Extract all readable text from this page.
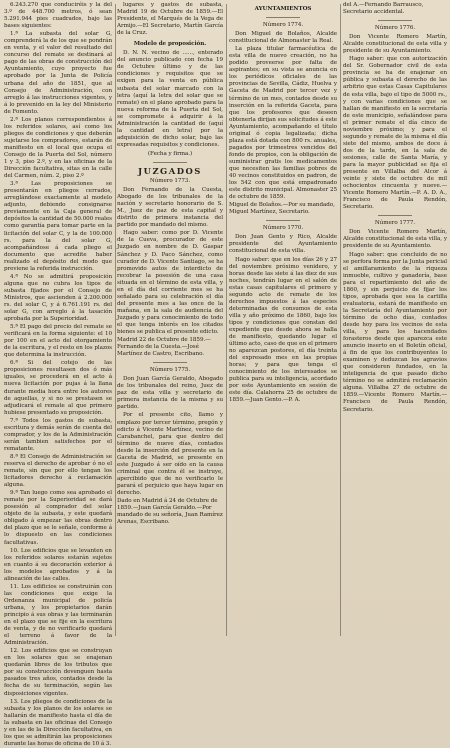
6.243.270 que conduciréis y la del 3.º de 448.700 metros, ó sean 5.291.944 pies cuadrados, bajo las bases siguientes:

1.ª La subasta del solar G, comprenderá la de los que se pondrán en venta, y el valor del resultado del concurso del remate se destinará al pago de las obras de construcción del Ayuntamiento, cuyo proyecto fue aprobado por la Junta de Policía urbana del año de 1851, que al Consejo de Administración, con arreglo á las instrucciones vigentes, y á lo prevenido en la ley del Ministerio de Fomento.

2.ª Los planos correspondientes á los referidos solares, así como los pliegos de condiciones y que deberán sujetarse los compradores, estarán de manifiesto en el local que ocupa el Consejo de la Puerta del Sol, número 1 y 3, piso 2.º, y en las oficinas de la Dirección facultativa, sitas en la calle del Carmen, núm. 2, piso 2.º

3.ª Las proposiciones se presentarán en pliegos cerrados, arreglándose exactamente al modelo adjunto, debiendo consignarse previamente en la Caja general de depósitos la cantidad de 50.000 reales como garantía para tomar parte en la licitación del solar C, y la de 100.000 rs. para la del solar G, acompañándose á cada pliego el documento que acredite haber realizado el depósito del modo que previene la referida instrucción.

4.ª No se admitirá proposición alguna que no cubra los tipos de subasta fijados por el Consejo de Ministros, que ascienden á 2.200.000 rs. del solar C, y á 6.761.191 rs. del solar G, con arreglo á la tasación aprobada por la Superioridad.

5.ª El pago del precio del remate se verificará en la forma siguiente: el 10 por 100 en el acto del otorgamiento de la escritura, y el resto en los plazos que determina la instrucción.

6.ª Si del cotejo de las proposiciones resultasen dos ó más iguales, se procederá en el acto á nueva licitación por pujas á la llana durante media hora entre los autores de aquellas, y si no se prestasen se adjudicará el remate al que primero hubiese presentado su proposición.

7.ª Todos los gastos de subasta, escritura y demás serán de cuenta del comprador, y los de la Administración serán tambien satisfechos por el rematante.

8.ª El Consejo de Administración se reserva el derecho de aprobar ó no el remate, sin que por ello tengan los licitadores derecho á reclamación alguna.

9.ª Tan luego como sea aprobado el remate por la Superioridad se dará posesión al comprador del solar objeto de la subasta, y este quedará obligado á empezar las obras dentro del plazo que se le señale, conforme á lo dispuesto en las condiciones facultativas.

10. Los edificios que se levanten en los referidos solares estarán sujetos en cuanto á su decoración exterior á los modelos aprobados y á la alineación de las calles.

11. Los edificios se construirán con las condiciones que exige la Ordenanza municipal de policía urbana, y los propietarios darán principio á sus obras y las terminarán en el plazo que se fije en la escritura de venta, y de no verificarlo quedará el terreno á favor de la Administración.

12. Los edificios que se construyan en los solares que se enajenan quedarán libres de los tributos que por su construcción devenguen hasta pasados tres años, contados desde la fecha de su terminación, según las disposiciones vigentes.

13. Los pliegos de condiciones de la subasta y los planos de los solares se hallarán de manifiesto hasta el día de la subasta en las oficinas del Consejo y en las de la Dirección facultativa, en los que se admitirán las proposiciones durante las horas de oficina de 10 á 3.

lugares y gastos de subasta, Madrid 19 de Octubre de 1859.—El Presidente, el Marqués de la Vega de Armijo.—El Secretario, Martín García de la Cruz.

Modelo de proposición.

D. N. N. vecino de ......, enterado del anuncio publicado con fecha 19 de Octubre último y de las condiciones y requisitos que se exigen para la venta en pública subasta del solar marcado con la letra (aquí la letra del solar que se remate) en el plano aprobado para la nueva reforma de la Puerta del Sol, se compromete á adquirir á la Administración la cantidad de (aquí la cantidad en letra) por la adquisición de dicho solar, bajo las expresadas requisitos y condiciones.

(Fecha y firma.)

JUZGADOS

Número 1773.

Don Fernando de la Cuesta, Abogado de los tribunales de la nación y secretario honorario de S. M., Juez de paz de esta capital y distrito de primera instancia del partido por mandado del mismo.

Hago saber: como por D. Vicente de la Cueva, procurador de este Juzgado en nombre de D. Gaspar Sánchez y D. Paco Sánchez, como curador de D. Vicente Santiago, se ha promovido autos de interdicto de recobrar la posesión de una casa situada en el término de esta villa, y en el día del corriente mes se ha señalado para su celebración el día del presente mes a las once de la mañana, en la sala de audiencia del Juzgado y para conocimiento de todo el que tenga interés en los citados bienes se publica el presente edicto.

Madrid 22 de Octubre de 1859.—Fernando de la Cuesta.—José Martínez de Castro, Escribano.

Número 1775.

Don Juan García Geraldo, Abogado de los tribunales del reino, Juez de paz de esta villa y secretario de primera instancia de la misma y su partido.

Por el presente cito, llamo y emplazo por tercer término, pregón y edicto á Vicente Martínez, vecino de Carabanchel, para que dentro del término de nueve días, contados desde la inserción del presente en la Gaceta de Madrid, se presente en este Juzgado á ser oído en la causa criminal que contra él se instruye, apercibido que de no verificarlo le parará el perjuicio que haya lugar en derecho.

Dado en Madrid á 24 de Octubre de 1859.—Juan García Geraldo.—Por mandado de su señoría, Juan Ramírez Arenas, Escribano.

AYUNTAMIENTOS

Número 1774.

Don Miguel de Bolaños, Alcalde constitucional de Almonaster la Real.

La plaza titular farmacéutica de esta villa de nuevo creación, no ha podido proveerse por falta de aspirantes; en su vista se anuncia en los periódicos oficiales de las provincias de Sevilla, Cádiz, Huelva y Gaceta de Madrid por tercer vez y término de un mes, contados desde su inserción en la referida Gaceta, para que los profesores que deseen obtenerla dirijan sus solicitudes á este Ayuntamiento, acompañando el título original ó copia legalizada; dicha plaza está dotada con 800 rs. anuales, pagados por trimestres vencidos del fondo de propios, con la obligación de suministrar gratis los medicamentos que necesiten las familias pobres de 40 vecinos constituidos en padron, de los 542 con que está empadronado este distrito municipal. Almonaster 25 de octubre de 1859.

Miguel de Bolaños.—Por su mandado, Miguel Martínez, Secretario.

Número 1770.

Don Juan Gento y Rico, Alcalde presidente del Ayuntamiento constitucional de esta villa.

Hago saber: que en los días 26 y 27 del noviembre próximo venidero, y horas desde las siete á las diez de sus noches, tendrán lugar en el salón de estas casas capitulares el primero y segundo acto de remate de los derechos impuestos á las especies determinadas de consumos de esta villa y año próximo de 1860, bajo los tipos y condiciones que constan del expediente que desde ahora se halla de manifiesto, quedando lugar el último acto, caso de que en el primero no aparezcan postores, el día treinta del expresado mes en las propias horas; y para que tenga el conocimiento de los interesados se publica para su inteligencia, acordado por este Ayuntamiento en sesión de este día. Calahorra 25 de octubre de 1859.—Juan Gento.—P. A.

del A.—Fernando Barrausco, Secretario accidental.

Número 1776.

Don Vicente Romero Martín, Alcalde constitucional de esta villa y presidente de su Ayuntamiento.

Hago saber: que con autorización del Sr. Gobernador civil de esta provincia se ha de enajenar en pública y subasta el derecho de las arbitrio que estas Casas Capitulares de esta villa, bajo el tipo de 5000 rs., y con varias condiciones que se hallan de manifiesto en la secretaría de este municipio, señalándose para el primer remate el día cinco de noviembre próximo; y para el segundo y remate de la misma el día siete del mismo, ambos de doce á dos de la tarde, en la sala de sesiones, calle de Santa María, y para la mayor publicidad se fija el presente en Villalba del Alcor á veinte y siete de octubre de mil ochocientos cincuenta y nueve.—Vicente Romero Martín.—P. A. D. A., Francisco de Paula Rendón, Secretario.

Número 1777.

Don Vicente Romero Martín, Alcalde constitucional de esta villa, y presidente de su Ayuntamiento.

Hago saber: que concluido de no se perfora forma por la Junta pericial el amillaramiento de la riqueza inmueble, cultivo y ganadería, base para el repartimiento del año de 1860, y sin perjuicio de fijar los tipos, aprobada que sea la cartilla evaluatoria, estará de manifiesto en la Secretaría del Ayuntamiento por término de ocho días, contados desde hoy para los vecinos de esta villa, y para los hacendados forasteros desde que aparezca este anuncio inserto en el Boletín oficial, á fin de que los contribuyentes lo examinen y deduzcan los agravios que consideren fundados, en la inteligencia de que pasado dicho término no se admitirá reclamación alguna. Villalba 27 de octubre de 1859.—Vicente Romero Martín.—Francisco de Paula Rendón, Secretario.
